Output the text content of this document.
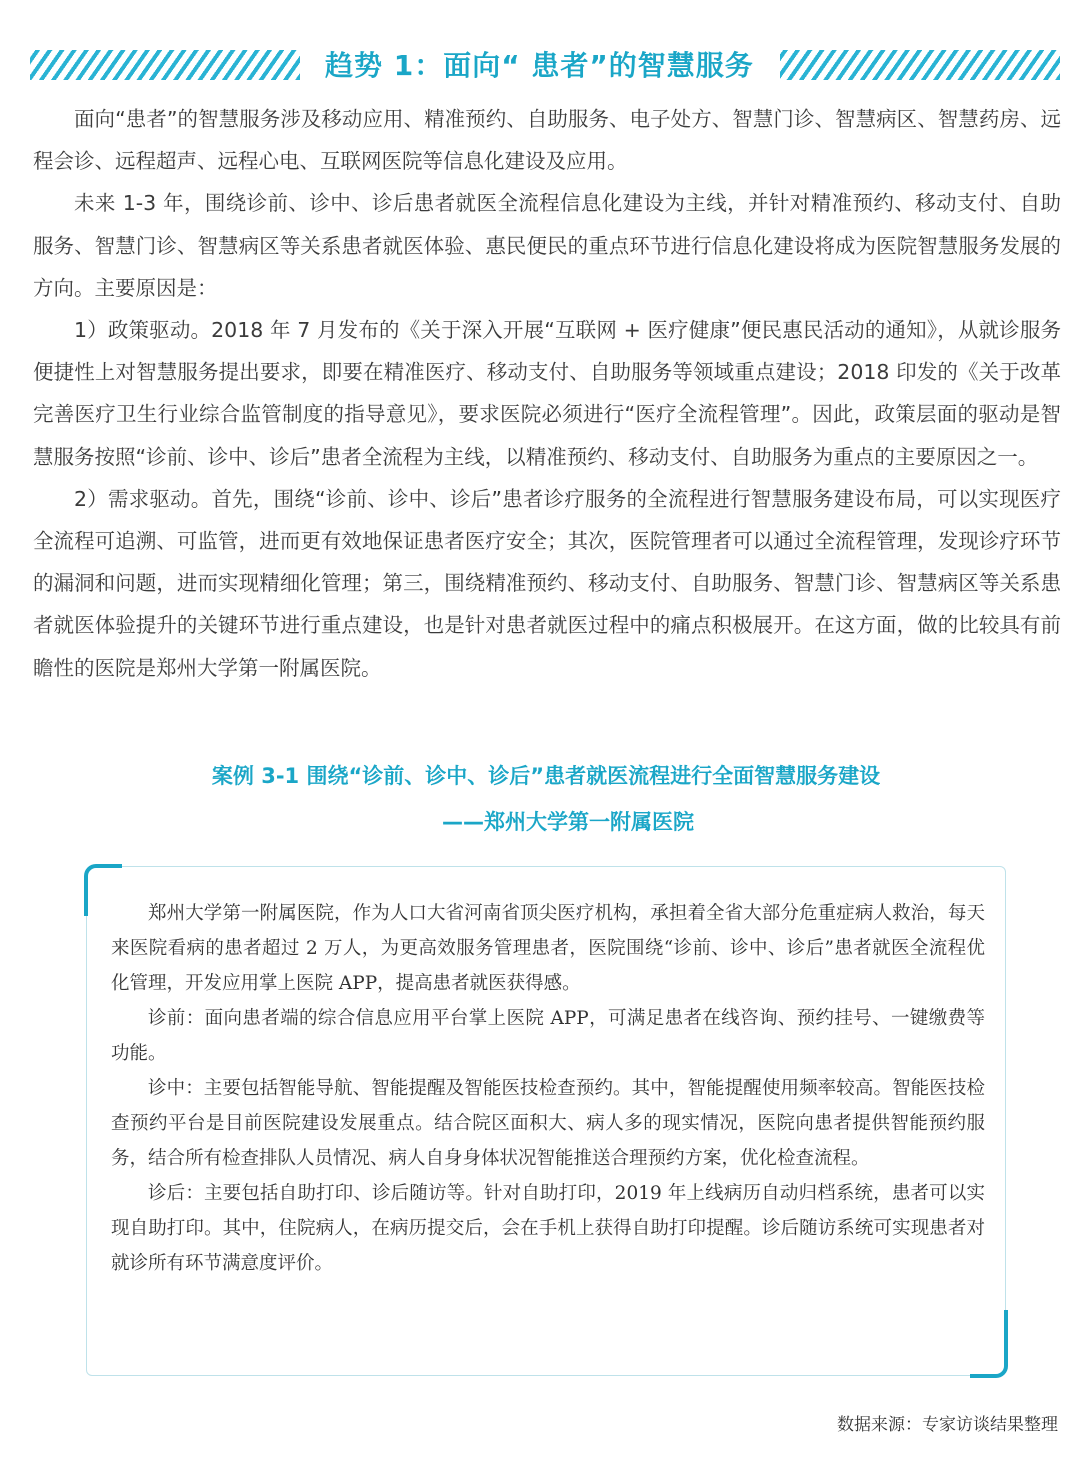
趋势 1：面向“ 患者”的智慧服务

面向“患者”的智慧服务涉及移动应用、精准预约、自助服务、电子处方、智慧门诊、智慧病区、智慧药房、远程会诊、远程超声、远程心电、互联网医院等信息化建设及应用。

未来 1-3 年，围绕诊前、诊中、诊后患者就医全流程信息化建设为主线，并针对精准预约、移动支付、自助服务、智慧门诊、智慧病区等关系患者就医体验、惠民便民的重点环节进行信息化建设将成为医院智慧服务发展的方向。主要原因是：

1）政策驱动。2018 年 7 月发布的《关于深入开展“互联网 + 医疗健康”便民惠民活动的通知》，从就诊服务便捷性上对智慧服务提出要求，即要在精准医疗、移动支付、自助服务等领域重点建设；2018 印发的《关于改革完善医疗卫生行业综合监管制度的指导意见》，要求医院必须进行“医疗全流程管理”。因此，政策层面的驱动是智慧服务按照“诊前、诊中、诊后”患者全流程为主线，以精准预约、移动支付、自助服务为重点的主要原因之一。

2）需求驱动。首先，围绕“诊前、诊中、诊后”患者诊疗服务的全流程进行智慧服务建设布局，可以实现医疗全流程可追溯、可监管，进而更有效地保证患者医疗安全；其次，医院管理者可以通过全流程管理，发现诊疗环节的漏洞和问题，进而实现精细化管理；第三，围绕精准预约、移动支付、自助服务、智慧门诊、智慧病区等关系患者就医体验提升的关键环节进行重点建设，也是针对患者就医过程中的痛点积极展开。在这方面，做的比较具有前瞻性的医院是郑州大学第一附属医院。

案例 3-1 围绕“诊前、诊中、诊后”患者就医流程进行全面智慧服务建设
——郑州大学第一附属医院

郑州大学第一附属医院，作为人口大省河南省顶尖医疗机构，承担着全省大部分危重症病人救治，每天来医院看病的患者超过 2 万人，为更高效服务管理患者，医院围绕“诊前、诊中、诊后”患者就医全流程优化管理，开发应用掌上医院 APP，提高患者就医获得感。

诊前：面向患者端的综合信息应用平台掌上医院 APP，可满足患者在线咨询、预约挂号、一键缴费等功能。

诊中：主要包括智能导航、智能提醒及智能医技检查预约。其中，智能提醒使用频率较高。智能医技检查预约平台是目前医院建设发展重点。结合院区面积大、病人多的现实情况，医院向患者提供智能预约服务，结合所有检查排队人员情况、病人自身身体状况智能推送合理预约方案，优化检查流程。

诊后：主要包括自助打印、诊后随访等。针对自助打印，2019 年上线病历自动归档系统，患者可以实现自助打印。其中，住院病人，在病历提交后，会在手机上获得自助打印提醒。诊后随访系统可实现患者对就诊所有环节满意度评价。

数据来源：专家访谈结果整理
